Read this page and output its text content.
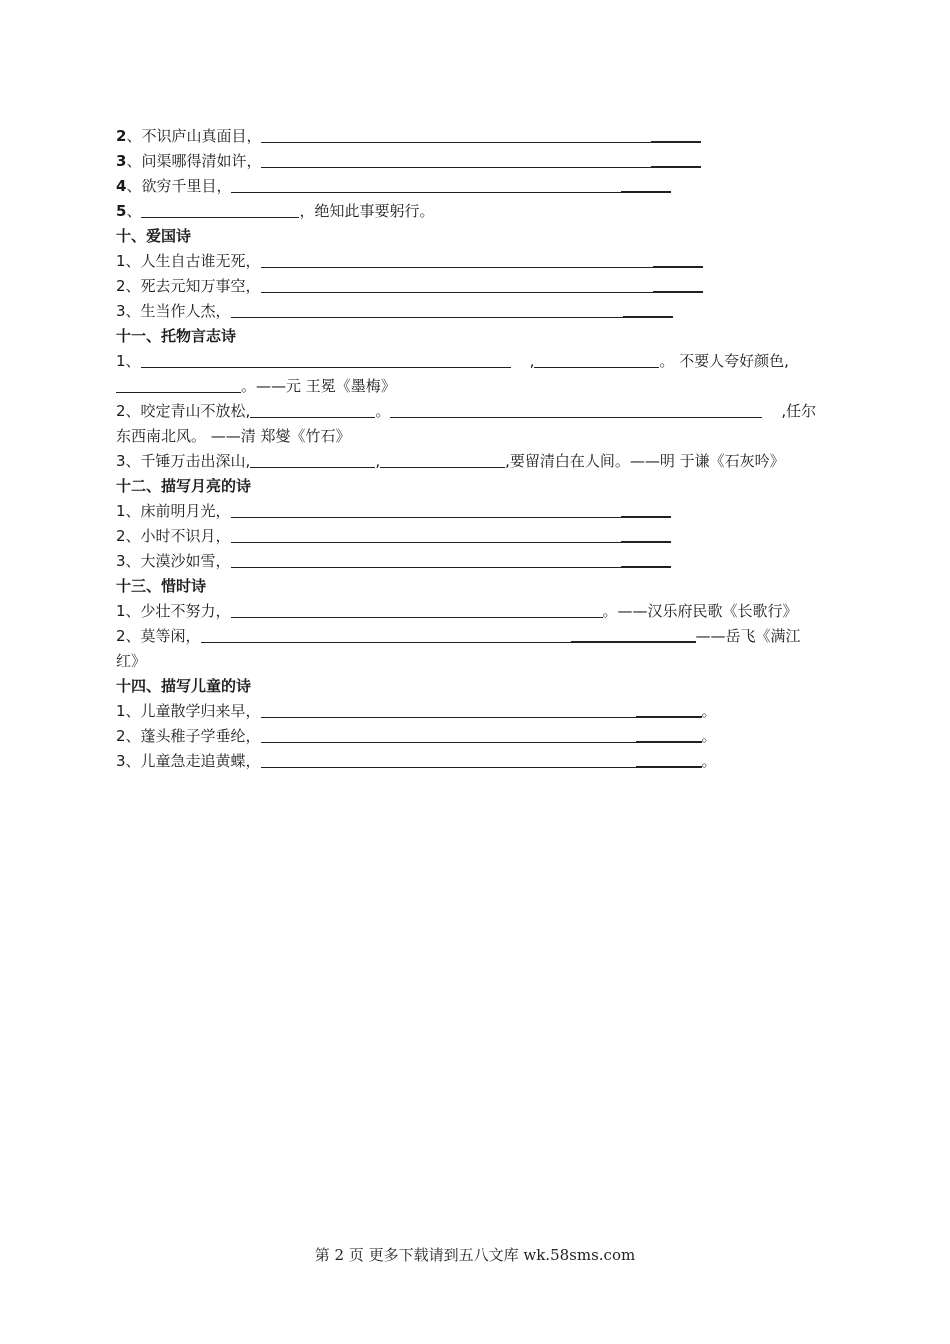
2、不识庐山真面目，
3、问渠哪得清如许，
4、欲穷千里目，
5、	，绝知此事要躬行。
十、爱国诗
1、人生自古谁无死，
2、死去元知万事空，
3、生当作人杰，
十一、托物言志诗
1、	,	。 不要人夸好颜色,
。——元 王冕《墨梅》
2、咬定青山不放松,	。	,任尔
东西南北风。 ——清 郑燮《竹石》
3、千锤万击出深山,	,	,要留清白在人间。——明 于谦《石灰吟》
十二、描写月亮的诗
1、床前明月光，
2、小时不识月，
3、大漠沙如雪，
十三、惜时诗
1、少壮不努力，	。——汉乐府民歌《长歌行》
2、莫等闲，	——岳飞《满江
红》
十四、描写儿童的诗
1、儿童散学归来早，	。
2、蓬头稚子学垂纶，	。
3、儿童急走追黄蝶，	。
第 2 页 更多下载请到五八文库 wk.58sms.com
